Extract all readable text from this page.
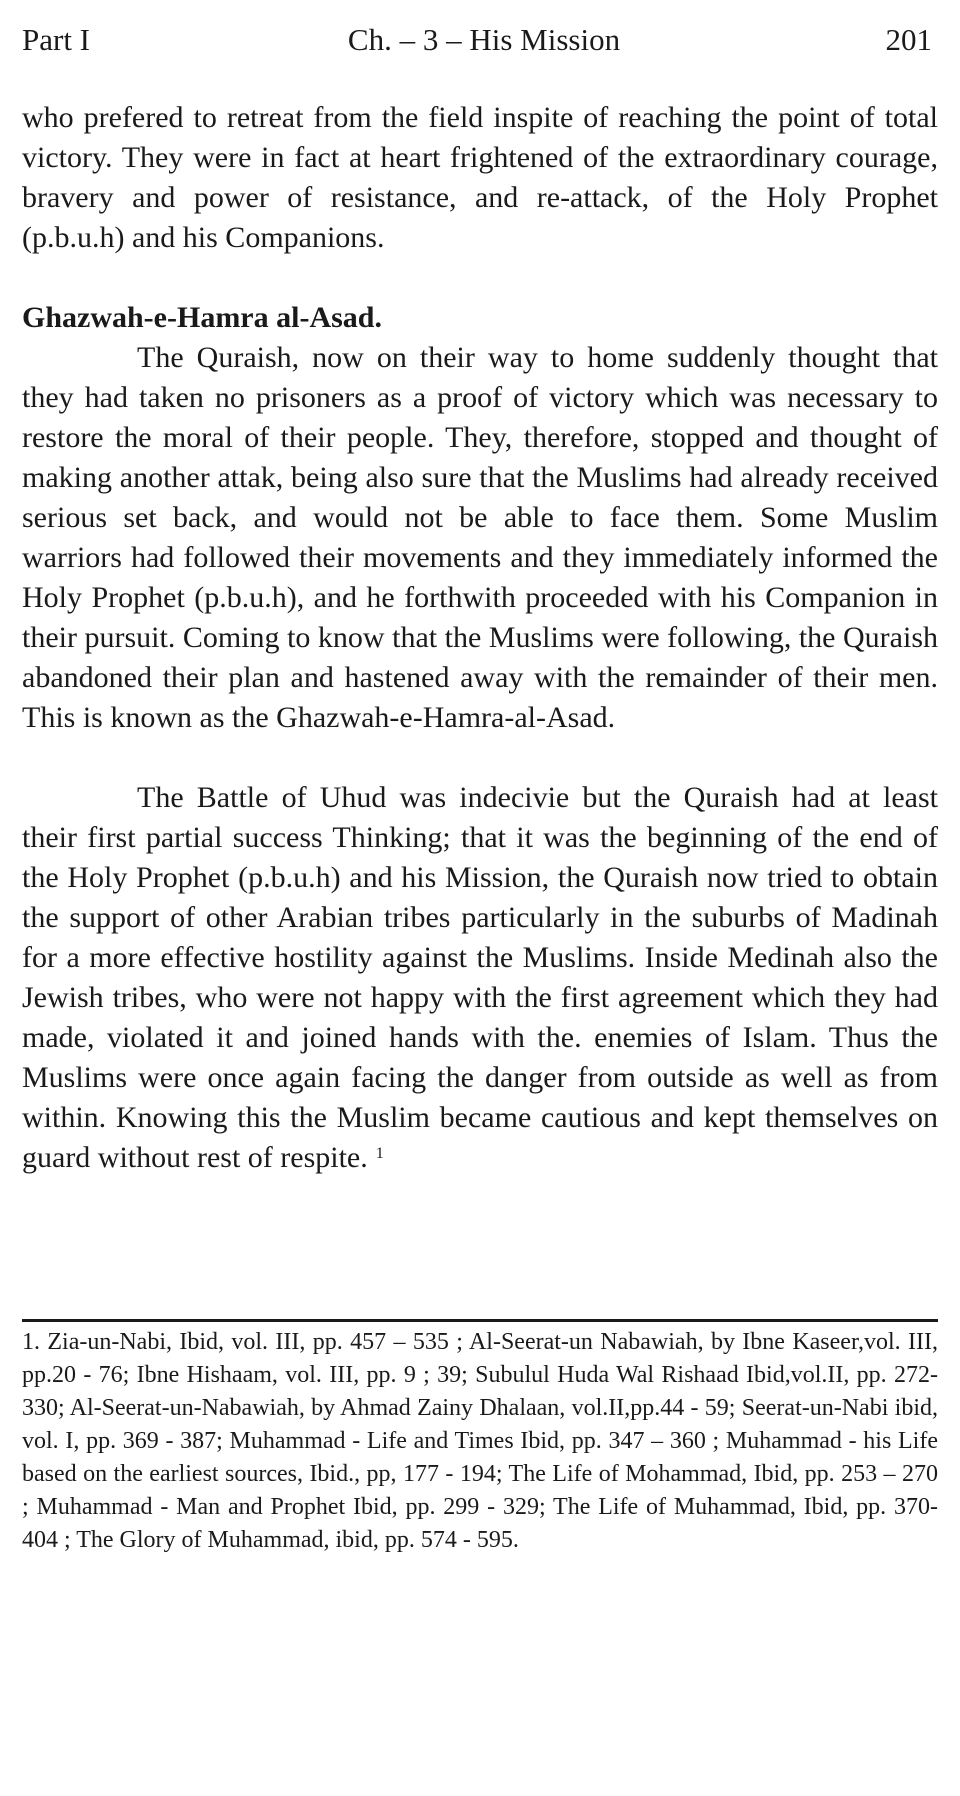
Part I	Ch. – 3 – His Mission	201

who prefered to retreat from the field inspite of reaching the point of total victory. They were in fact at heart frightened of the extraordinary courage, bravery and power of resistance, and re-attack, of the Holy Prophet (p.b.u.h) and his Companions.

Ghazwah-e-Hamra al-Asad.

The Quraish, now on their way to home suddenly thought that they had taken no prisoners as a proof of victory which was necessary to restore the moral of their people. They, therefore, stopped and thought of making another attak, being also sure that the Muslims had already received serious set back, and would not be able to face them. Some Muslim warriors had followed their movements and they immediately informed the Holy Prophet (p.b.u.h), and he forthwith proceeded with his Companion in their pursuit. Coming to know that the Muslims were following, the Quraish abandoned their plan and hastened away with the remainder of their men. This is known as the Ghazwah-e-Hamra-al-Asad.

The Battle of Uhud was indecivie but the Quraish had at least their first partial success Thinking; that it was the beginning of the end of the Holy Prophet (p.b.u.h) and his Mission, the Quraish now tried to obtain the support of other Arabian tribes particularly in the suburbs of Madinah for a more effective hostility against the Muslims. Inside Medinah also the Jewish tribes, who were not happy with the first agreement which they had made, violated it and joined hands with the. enemies of Islam. Thus the Muslims were once again facing the danger from outside as well as from within. Knowing this the Muslim became cautious and kept themselves on guard without rest of respite. $^1$

1. Zia-un-Nabi, Ibid, vol. III, pp. 457 – 535 ; Al-Seerat-un Nabawiah, by Ibne Kaseer,vol. III, pp.20 - 76; Ibne Hishaam, vol. III, pp. 9 ; 39; Subulul Huda Wal Rishaad Ibid,vol.II, pp. 272-330; Al-Seerat-un-Nabawiah, by Ahmad Zainy Dhalaan, vol.II,pp.44 - 59; Seerat-un-Nabi ibid, vol. I, pp. 369 - 387; Muhammad - Life and Times Ibid, pp. 347 – 360 ; Muhammad - his Life based on the earliest sources, Ibid., pp, 177 - 194; The Life of Mohammad, Ibid, pp. 253 – 270 ; Muhammad - Man and Prophet Ibid, pp. 299 - 329; The Life of Muhammad, Ibid, pp. 370-404 ; The Glory of Muhammad, ibid, pp. 574 - 595.
